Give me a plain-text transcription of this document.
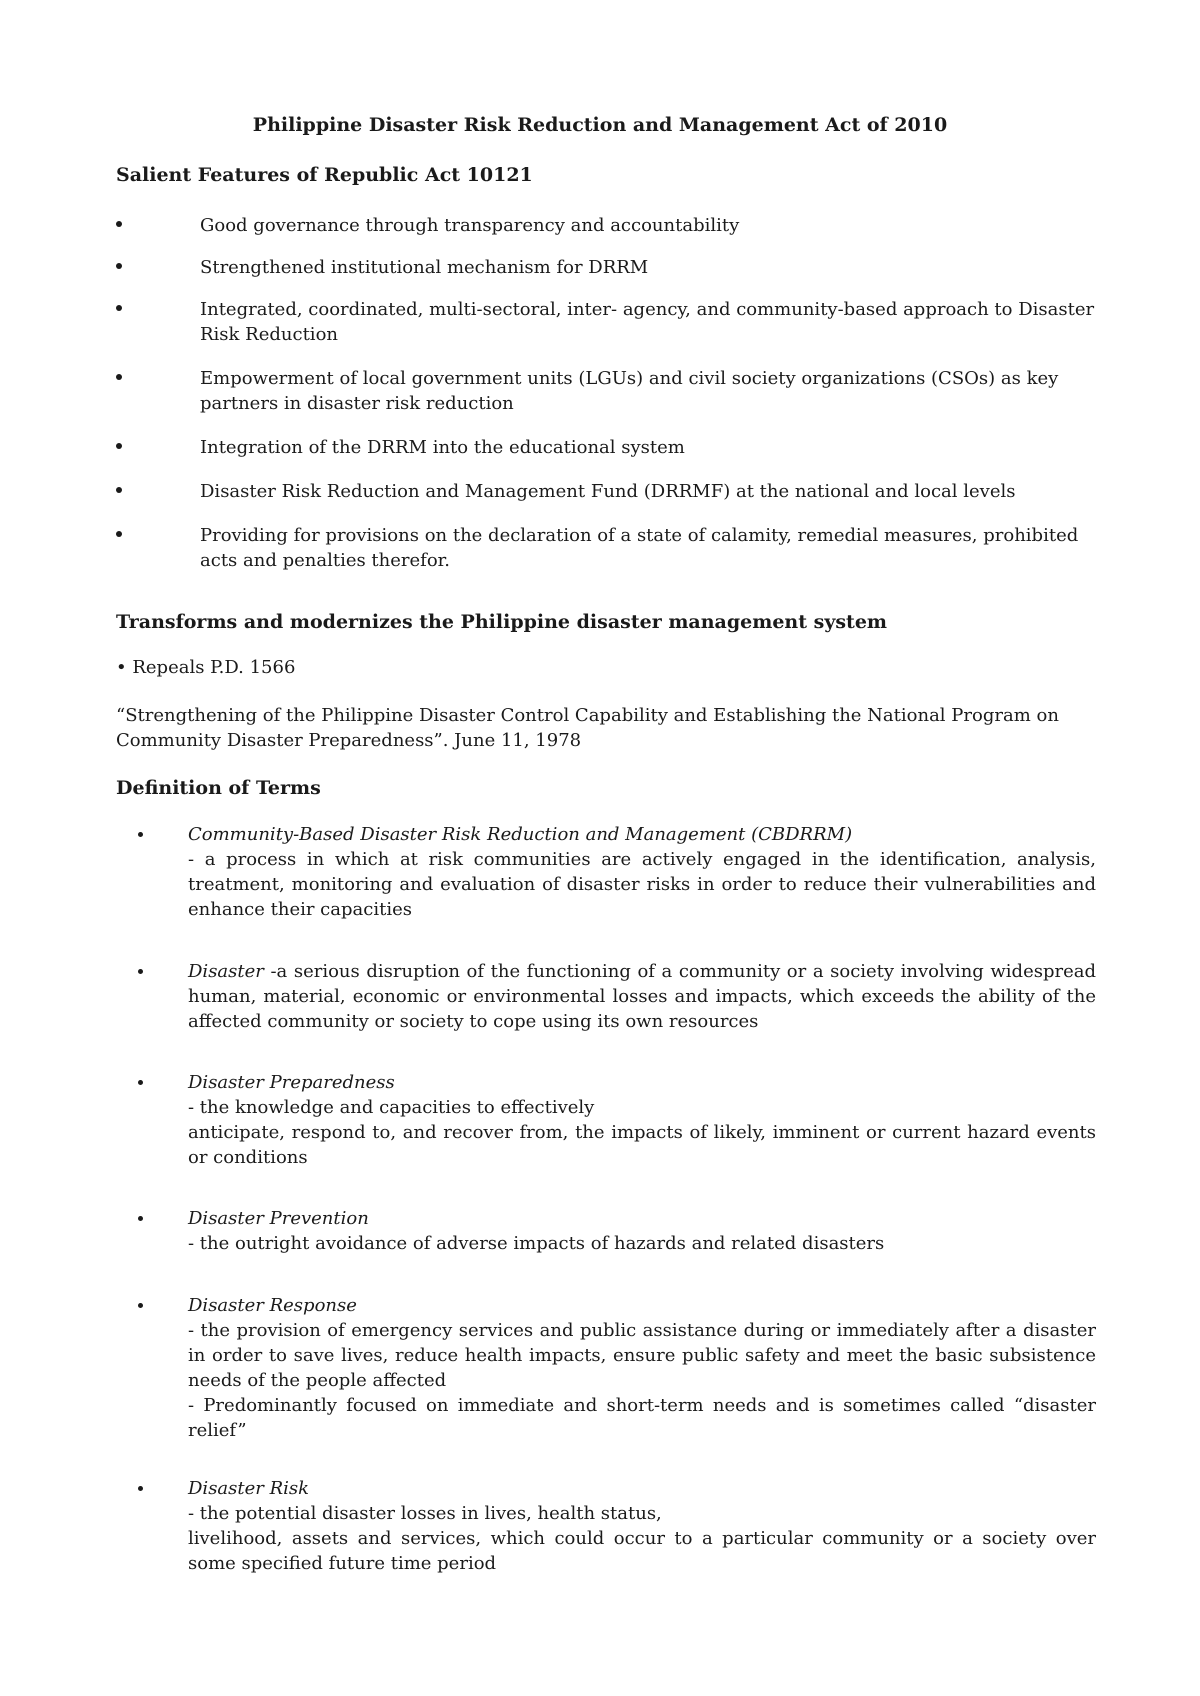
Philippine Disaster Risk Reduction and Management Act of 2010
Salient Features of Republic Act 10121
Good governance through transparency and accountability
Strengthened institutional mechanism for DRRM
Integrated, coordinated, multi-sectoral, inter- agency, and community-based approach to Disaster Risk Reduction
Empowerment of local government units (LGUs) and civil society organizations (CSOs) as key partners in disaster risk reduction
Integration of the DRRM into the educational system
Disaster Risk Reduction and Management Fund (DRRMF) at the national and local levels
Providing for provisions on the declaration of a state of calamity, remedial measures, prohibited acts and penalties therefor.
Transforms and modernizes the Philippine disaster management system
• Repeals P.D. 1566
“Strengthening of the Philippine Disaster Control Capability and Establishing the National Program on Community Disaster Preparedness”. June 11, 1978
Definition of Terms
Community-Based Disaster Risk Reduction and Management (CBDRRM)
- a process in which at risk communities are actively engaged in the identification, analysis, treatment, monitoring and evaluation of disaster risks in order to reduce their vulnerabilities and enhance their capacities
Disaster -a serious disruption of the functioning of a community or a society involving widespread human, material, economic or environmental losses and impacts, which exceeds the ability of the affected community or society to cope using its own resources
Disaster Preparedness
- the knowledge and capacities to effectively
anticipate, respond to, and recover from, the impacts of likely, imminent or current hazard events or conditions
Disaster Prevention
- the outright avoidance of adverse impacts of hazards and related disasters
Disaster Response
- the provision of emergency services and public assistance during or immediately after a disaster in order to save lives, reduce health impacts, ensure public safety and meet the basic subsistence needs of the people affected
- Predominantly focused on immediate and short-term needs and is sometimes called “disaster relief”
Disaster Risk
- the potential disaster losses in lives, health status,
livelihood, assets and services, which could occur to a particular community or a society over some specified future time period
